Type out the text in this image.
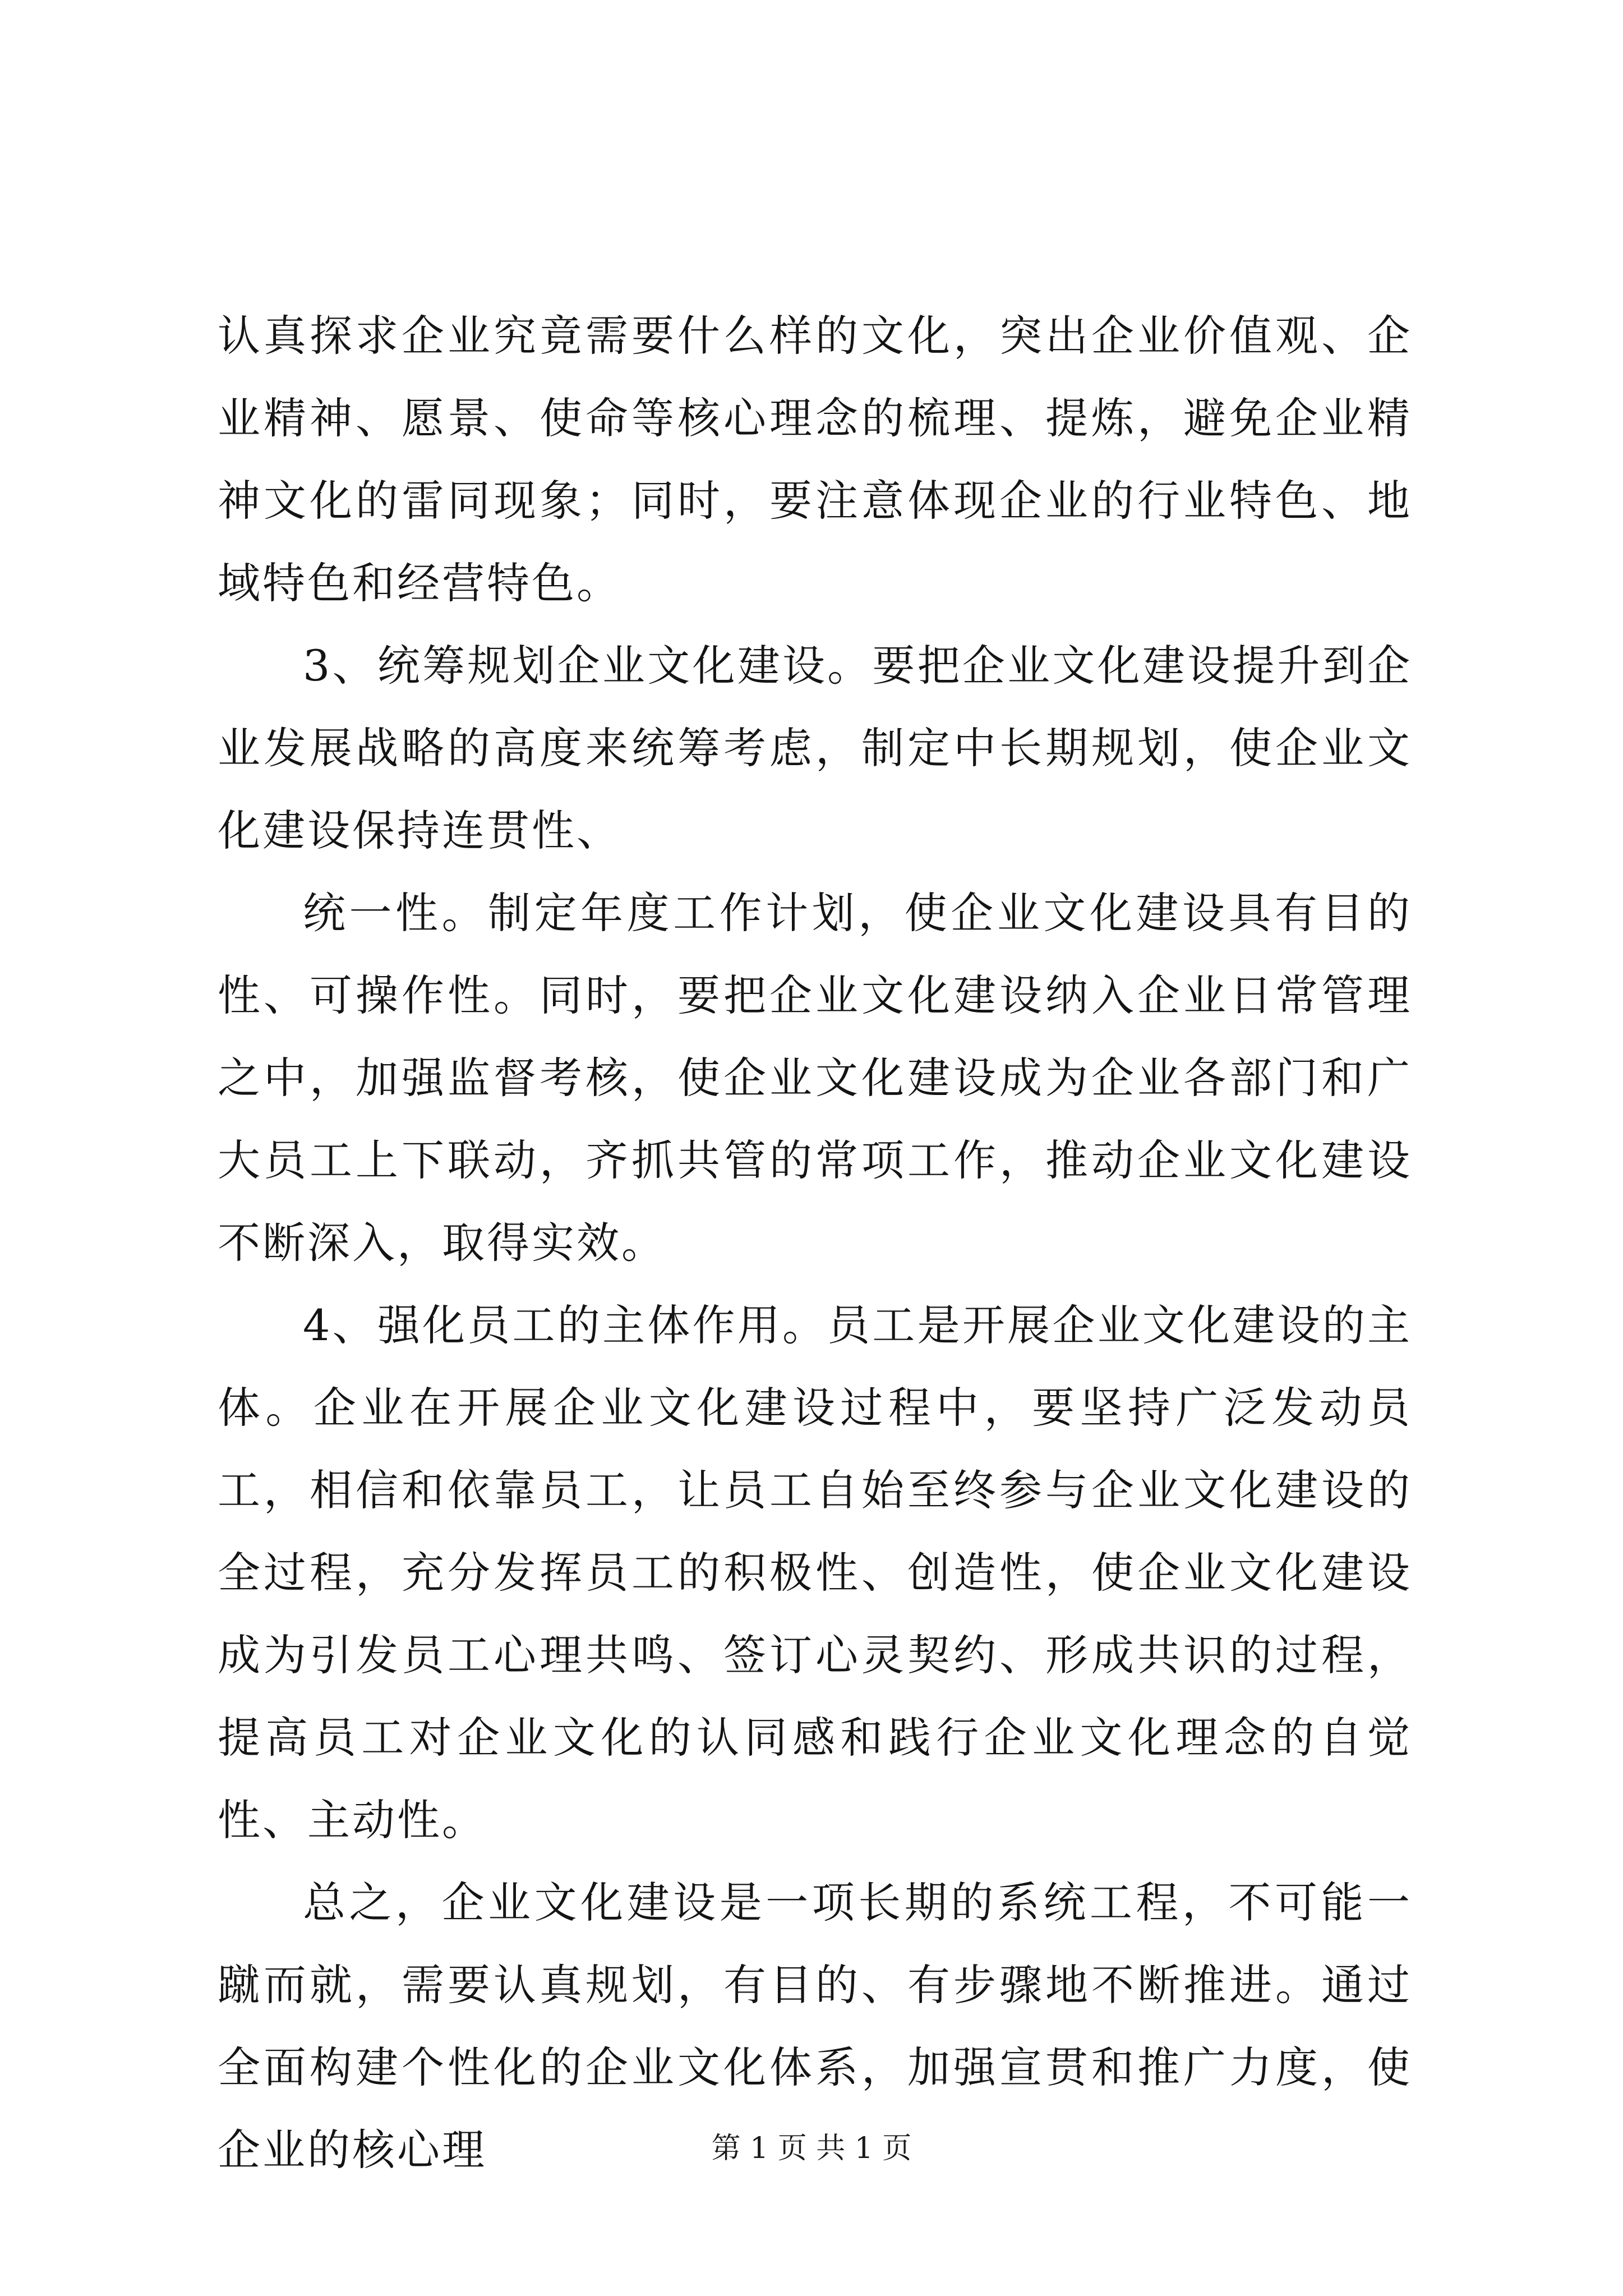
认真探求企业究竟需要什么样的文化，突出企业价值观、企业精神、愿景、使命等核心理念的梳理、提炼，避免企业精神文化的雷同现象；同时，要注意体现企业的行业特色、地域特色和经营特色。

3、统筹规划企业文化建设。要把企业文化建设提升到企业发展战略的高度来统筹考虑，制定中长期规划，使企业文化建设保持连贯性、

统一性。制定年度工作计划，使企业文化建设具有目的性、可操作性。同时，要把企业文化建设纳入企业日常管理之中，加强监督考核，使企业文化建设成为企业各部门和广大员工上下联动，齐抓共管的常项工作，推动企业文化建设不断深入，取得实效。

4、强化员工的主体作用。员工是开展企业文化建设的主体。企业在开展企业文化建设过程中，要坚持广泛发动员工，相信和依靠员工，让员工自始至终参与企业文化建设的全过程，充分发挥员工的积极性、创造性，使企业文化建设成为引发员工心理共鸣、签订心灵契约、形成共识的过程，提高员工对企业文化的认同感和践行企业文化理念的自觉性、主动性。

总之，企业文化建设是一项长期的系统工程，不可能一蹴而就，需要认真规划，有目的、有步骤地不断推进。通过全面构建个性化的企业文化体系，加强宣贯和推广力度，使企业的核心理	第 1 页 共 1 页
